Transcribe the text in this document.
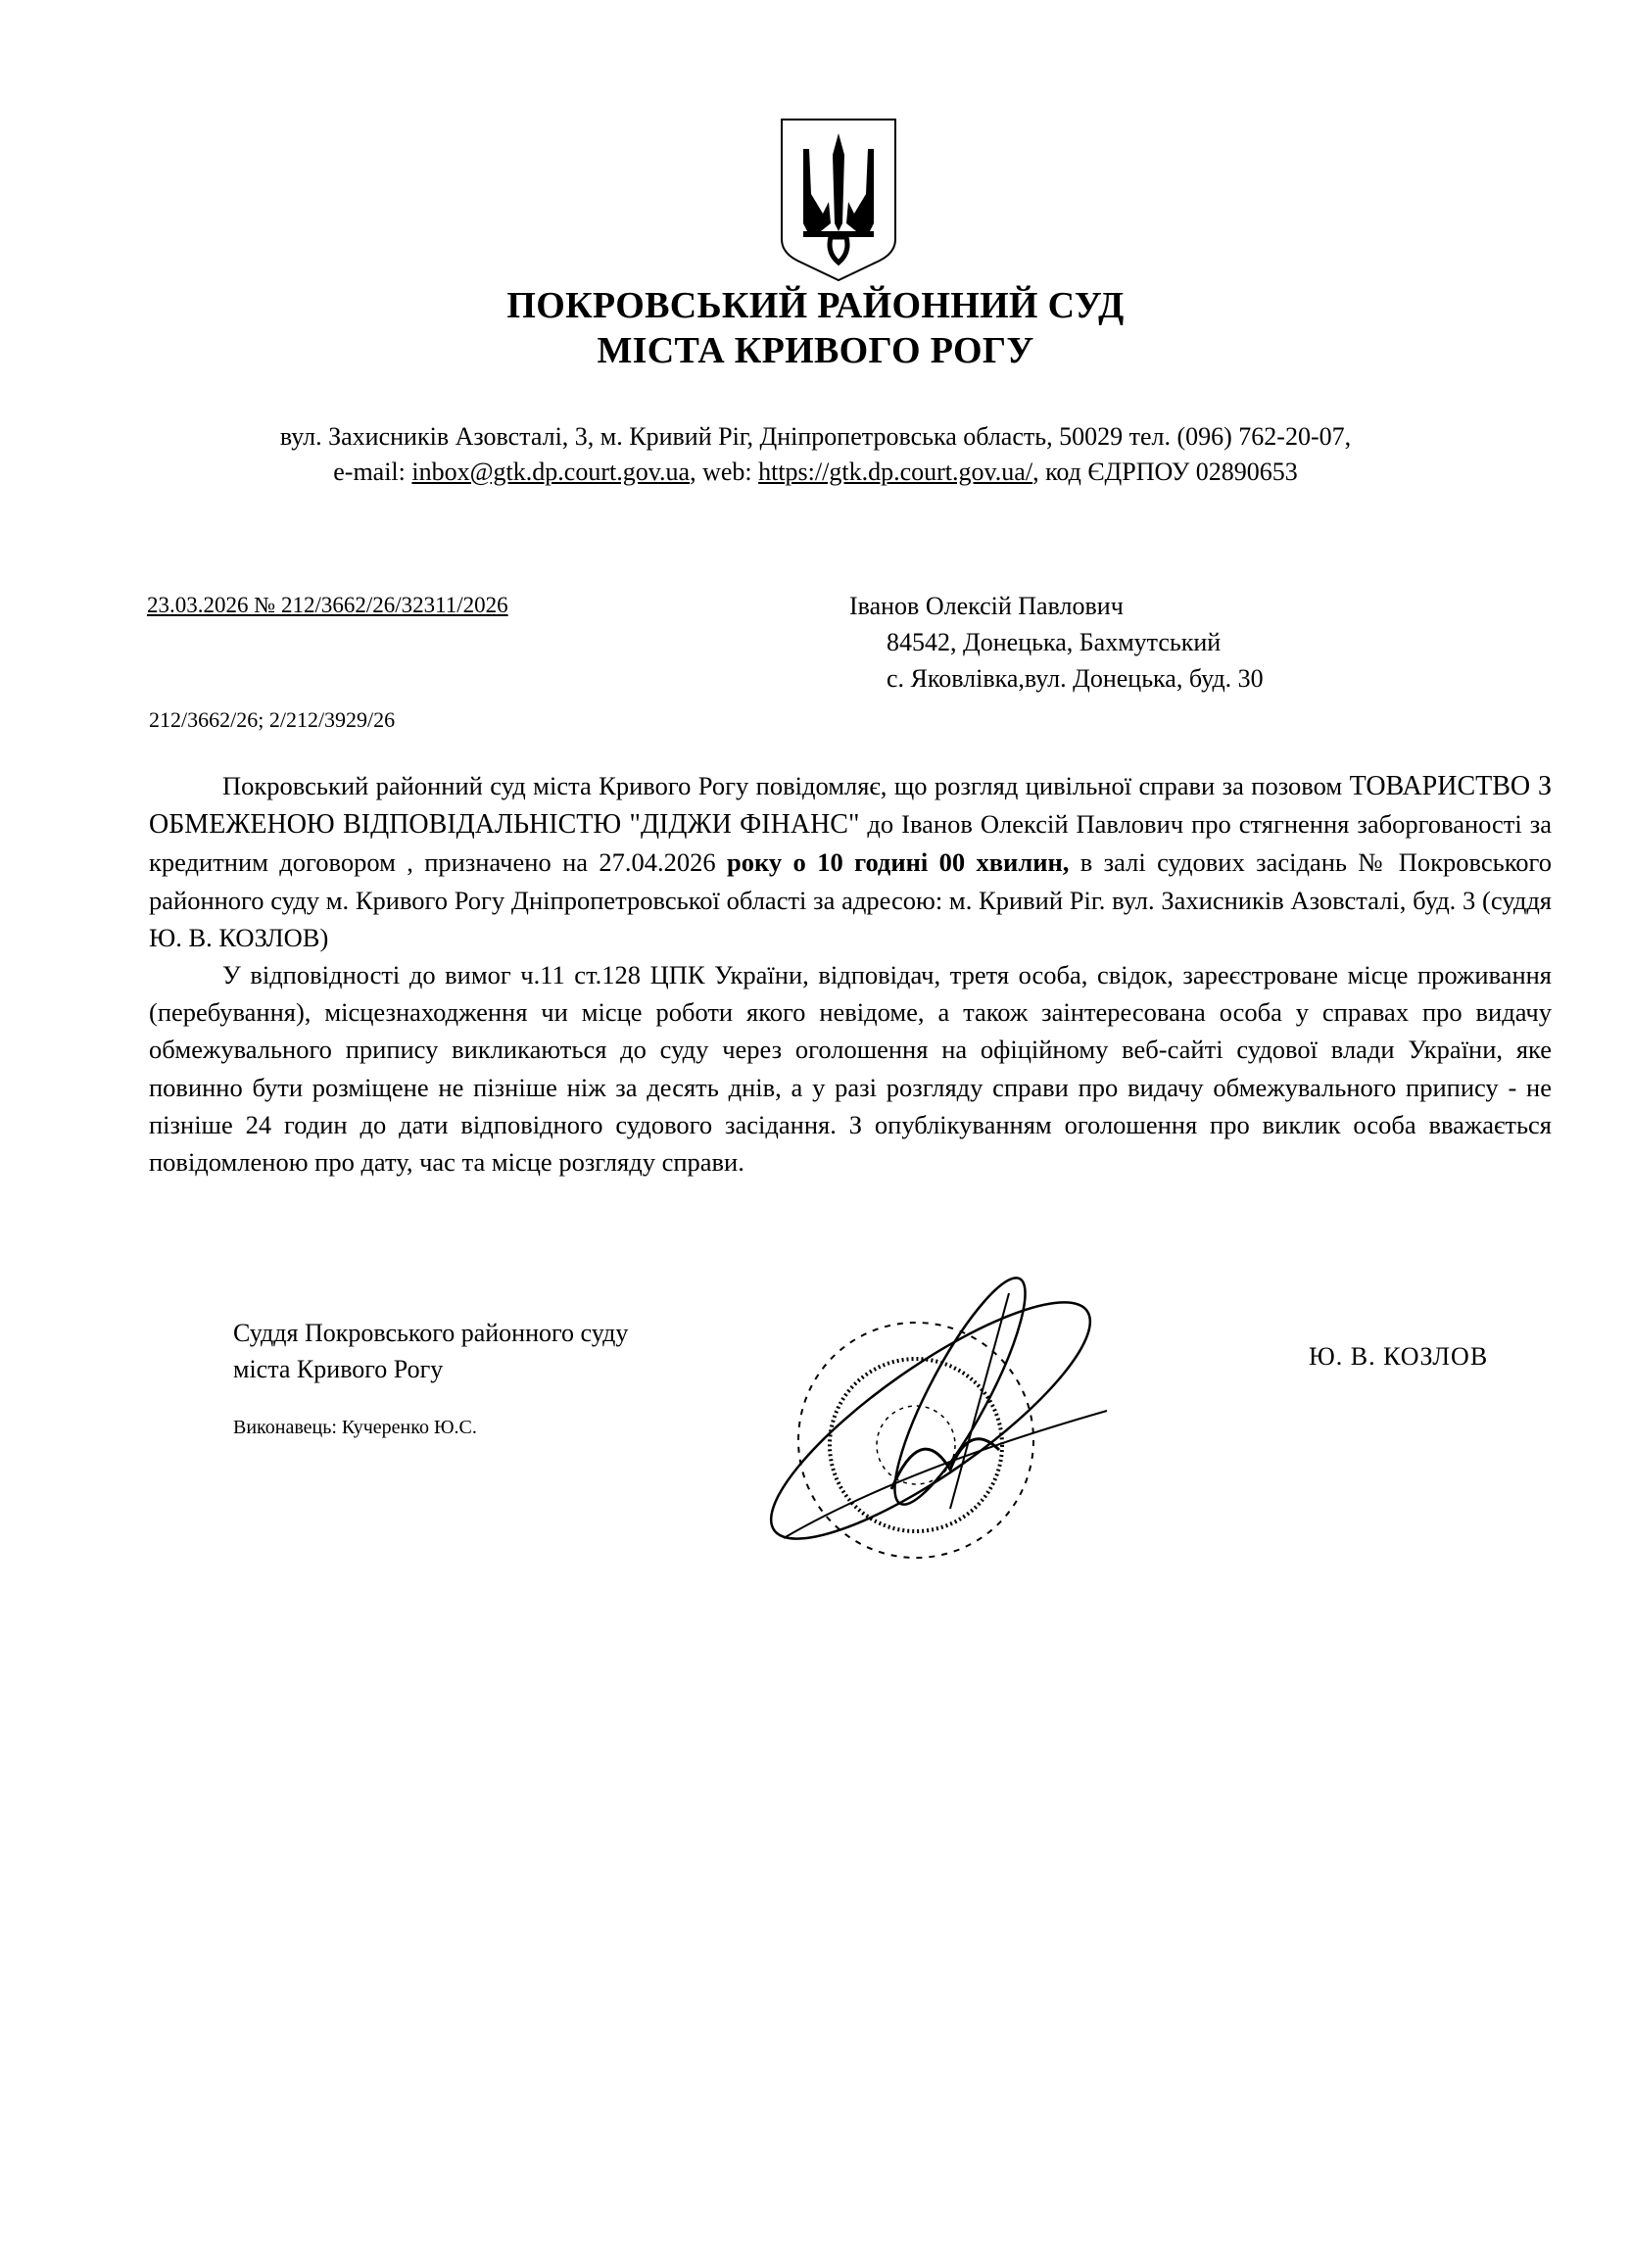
ПОКРОВСЬКИЙ РАЙОННИЙ СУД
МІСТА КРИВОГО РОГУ
вул. Захисників Азовсталі, 3, м. Кривий Ріг, Дніпропетровська область, 50029 тел. (096) 762-20-07,
e-mail: inbox@gtk.dp.court.gov.ua, web: https://gtk.dp.court.gov.ua/, код ЄДРПОУ 02890653
23.03.2026 № 212/3662/26/32311/2026
212/3662/26; 2/212/3929/26
Іванов Олексій Павлович
84542, Донецька, Бахмутський
с. Яковлівка,вул. Донецька, буд. 30

Покровський районний суд міста Кривого Рогу повідомляє, що розгляд цивільної справи за позовом ТОВАРИСТВО З ОБМЕЖЕНОЮ ВІДПОВІДАЛЬНІСТЮ "ДІДЖИ ФІНАНС" до Іванов Олексій Павлович про стягнення заборгованості за кредитним договором , призначено на 27.04.2026 року о 10 годині 00 хвилин, в залі судових засідань № Покровського районного суду м. Кривого Рогу Дніпропетровської області за адресою: м. Кривий Ріг. вул. Захисників Азовсталі, буд. 3 (суддя Ю. В. КОЗЛОВ)

У відповідності до вимог ч.11 ст.128 ЦПК України, відповідач, третя особа, свідок, зареєстроване місце проживання (перебування), місцезнаходження чи місце роботи якого невідоме, а також заінтересована особа у справах про видачу обмежувального припису викликаються до суду через оголошення на офіційному веб-сайті судової влади України, яке повинно бути розміщене не пізніше ніж за десять днів, а у разі розгляду справи про видачу обмежувального припису - не пізніше 24 годин до дати відповідного судового засідання. З опублікуванням оголошення про виклик особа вважається повідомленою про дату, час та місце розгляду справи.

Суддя Покровського районного суду
міста Кривого Рогу
Виконавець: Кучеренко Ю.С.
Ю. В. КОЗЛОВ
